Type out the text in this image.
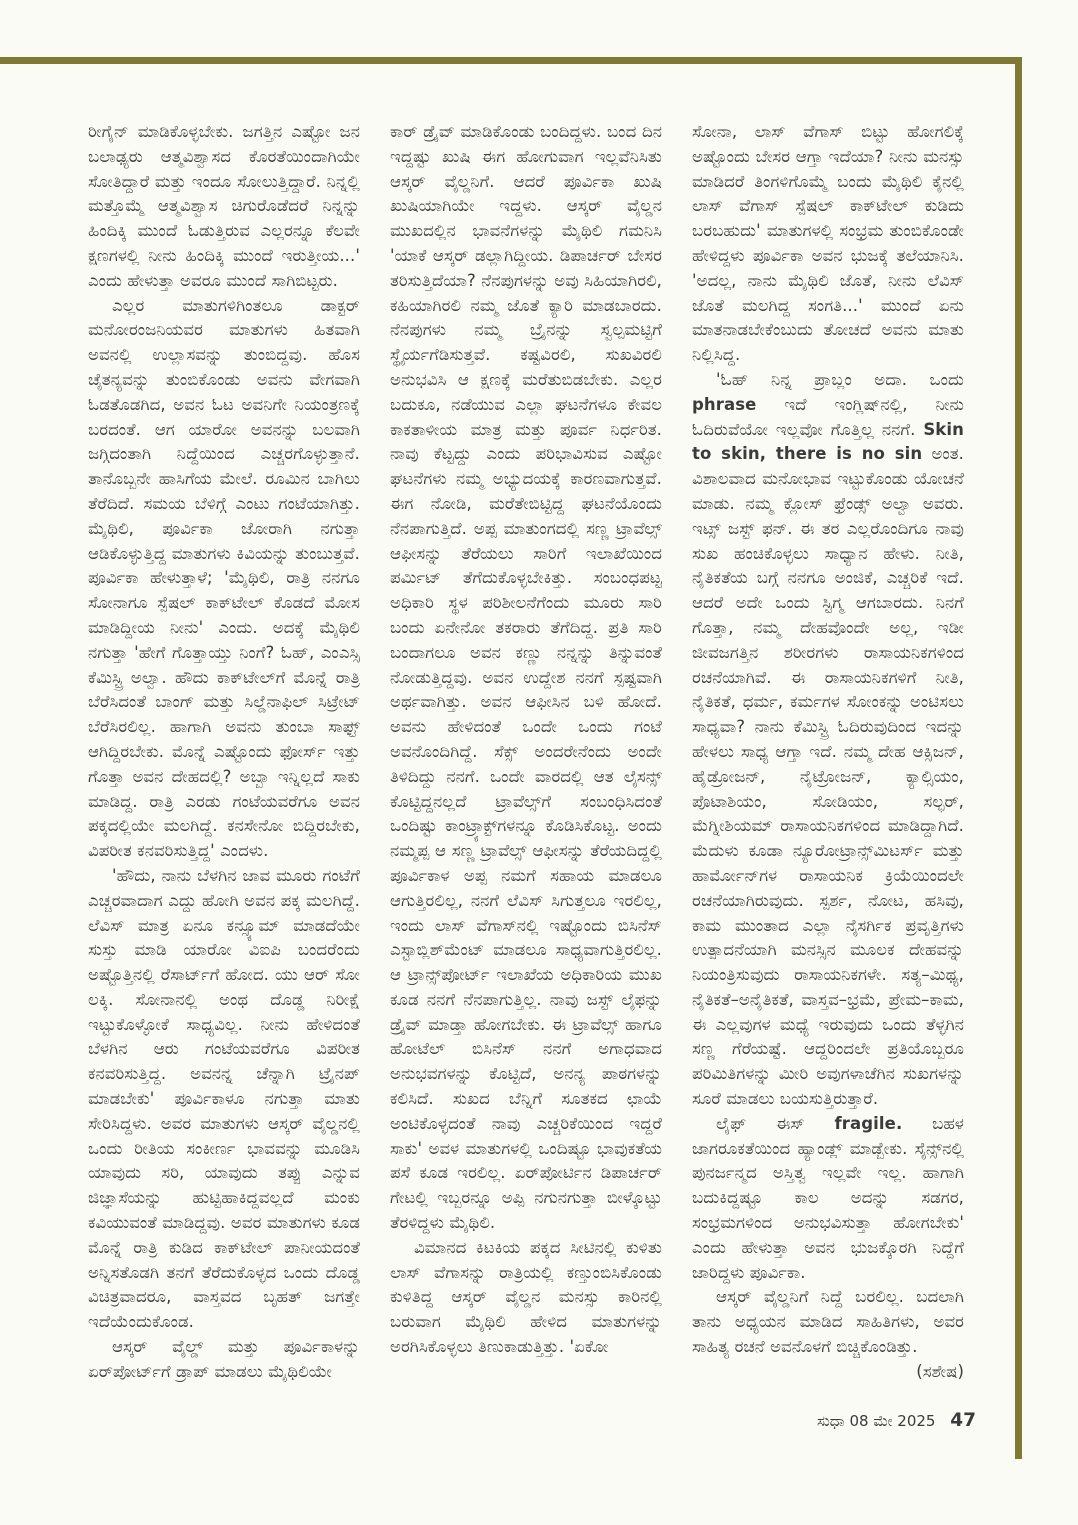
ರೀಗೈನ್ ಮಾಡಿಕೊಳ್ಳಬೇಕು. ಜಗತ್ತಿನ ಎಷ್ಟೋ ಜನ ಬಲಾಢ್ಯರು ಆತ್ಮವಿಶ್ವಾಸದ ಕೊರತೆಯಿಂದಾಗಿಯೇ ಸೋತಿದ್ದಾರೆ ಮತ್ತು ಇಂದೂ ಸೋಲುತ್ತಿದ್ದಾರೆ. ನಿನ್ನಲ್ಲಿ ಮತ್ತೊಮ್ಮೆ ಆತ್ಮವಿಶ್ವಾಸ ಚಿಗುರೊಡೆದರೆ ನಿನ್ನನ್ನು ಹಿಂದಿಕ್ಕಿ ಮುಂದೆ ಓಡುತ್ತಿರುವ ಎಲ್ಲರನ್ನೂ ಕೆಲವೇ ಕ್ಷಣಗಳಲ್ಲಿ ನೀನು ಹಿಂದಿಕ್ಕಿ ಮುಂದೆ ಇರುತ್ತೀಯ...' ಎಂದು ಹೇಳುತ್ತಾ ಅವರೂ ಮುಂದೆ ಸಾಗಿಬಿಟ್ಟರು.

ಎಲ್ಲರ ಮಾತುಗಳಿಗಿಂತಲೂ ಡಾಕ್ಟರ್ ಮನೋರಂಜನಿಯವರ ಮಾತುಗಳು ಹಿತವಾಗಿ ಅವನಲ್ಲಿ ಉಲ್ಲಾಸವನ್ನು ತುಂಬಿದ್ದವು. ಹೊಸ ಚೈತನ್ಯವನ್ನು ತುಂಬಿಕೊಂಡು ಅವನು ವೇಗವಾಗಿ ಓಡತೊಡಗಿದ, ಅವನ ಓಟ ಅವನಿಗೇ ನಿಯಂತ್ರಣಕ್ಕೆ ಬರದಂತೆ. ಆಗ ಯಾರೋ ಅವನನ್ನು ಬಲವಾಗಿ ಜಗ್ಗಿದಂತಾಗಿ ನಿದ್ದೆಯಿಂದ ಎಚ್ಚರಗೊಳ್ಳುತ್ತಾನೆ. ತಾನೊಬ್ಬನೇ ಹಾಸಿಗೆಯ ಮೇಲೆ. ರೂಮಿನ ಬಾಗಿಲು ತೆರೆದಿದೆ. ಸಮಯ ಬೆಳಿಗ್ಗೆ ಎಂಟು ಗಂಟೆಯಾಗಿತ್ತು. ಮೈಥಿಲಿ, ಪೂರ್ವಿಕಾ ಜೋರಾಗಿ ನಗುತ್ತಾ ಆಡಿಕೊಳ್ಳುತ್ತಿದ್ದ ಮಾತುಗಳು ಕಿವಿಯನ್ನು ತುಂಬುತ್ತವೆ. ಪೂರ್ವಿಕಾ ಹೇಳುತ್ತಾಳೆ; 'ಮೈಥಿಲಿ, ರಾತ್ರಿ ನನಗೂ ಸೋನಾಗೂ ಸ್ಪೆಷಲ್ ಕಾಕ್‌ಟೇಲ್ ಕೊಡದೆ ಮೋಸ ಮಾಡಿದ್ದೀಯ ನೀನು' ಎಂದು. ಅದಕ್ಕೆ ಮೈಥಿಲಿ ನಗುತ್ತಾ 'ಹೇಗೆ ಗೊತ್ತಾಯ್ತು ನಿಂಗೆ? ಓಹ್, ಎಂಎಸ್ಸಿ ಕೆಮಿಸ್ಟ್ರಿ ಅಲ್ವಾ. ಹೌದು ಕಾಕ್‌ಟೇಲ್‌ಗೆ ಮೊನ್ನೆ ರಾತ್ರಿ ಬೆರೆಸಿದಂತೆ ಬಾಂಗ್ ಮತ್ತು ಸಿಲ್ಡೆನಾಫಿಲ್ ಸಿಟ್ರೇಟ್ ಬೆರೆಸಿರಲಿಲ್ಲ. ಹಾಗಾಗಿ ಅವನು ತುಂಬಾ ಸಾಫ್ಟ್ ಆಗಿದ್ದಿರಬೇಕು. ಮೊನ್ನೆ ಎಷ್ಟೊಂದು ಫೋರ್ಸ್ ಇತ್ತು ಗೊತ್ತಾ ಅವನ ದೇಹದಲ್ಲಿ? ಅಬ್ಬಾ ಇನ್ನಿಲ್ಲದೆ ಸಾಕು ಮಾಡಿದ್ದ. ರಾತ್ರಿ ಎರಡು ಗಂಟೆಯವರೆಗೂ ಅವನ ಪಕ್ಕದಲ್ಲಿಯೇ ಮಲಗಿದ್ದೆ. ಕನಸೇನೋ ಬಿದ್ದಿರಬೇಕು, ವಿಪರೀತ ಕನವರಿಸುತ್ತಿದ್ದ' ಎಂದಳು.

'ಹೌದು, ನಾನು ಬೆಳಗಿನ ಜಾವ ಮೂರು ಗಂಟೆಗೆ ಎಚ್ಚರವಾದಾಗ ಎದ್ದು ಹೋಗಿ ಅವನ ಪಕ್ಕ ಮಲಗಿದ್ದೆ. ಲೆವಿಸ್ ಮಾತ್ರ ಏನೂ ಕನ್ಸ್ಯೂಮ್ ಮಾಡದೆಯೇ ಸುಸ್ತು ಮಾಡಿ ಯಾರೋ ವಿಐಪಿ ಬಂದರೆಂದು ಅಷ್ಟೊತ್ತಿನಲ್ಲಿ ರೆಸಾರ್ಟ್‌ಗೆ ಹೋದ. ಯು ಆರ್ ಸೋ ಲಕ್ಕಿ. ಸೋನಾನಲ್ಲಿ ಅಂಥ ದೊಡ್ಡ ನಿರೀಕ್ಷೆ ಇಟ್ಟುಕೊಳ್ಳೋಕೆ ಸಾಧ್ಯವಿಲ್ಲ. ನೀನು ಹೇಳಿದಂತೆ ಬೆಳಗಿನ ಆರು ಗಂಟೆಯವರೆಗೂ ವಿಪರೀತ ಕನವರಿಸುತ್ತಿದ್ದ. ಅವನನ್ನ ಚೆನ್ನಾಗಿ ಟ್ರೈನಪ್ ಮಾಡಬೇಕು' ಪೂರ್ವಿಕಾಳೂ ನಗುತ್ತಾ ಮಾತು ಸೇರಿಸಿದ್ದಳು. ಅವರ ಮಾತುಗಳು ಆಸ್ಕರ್ ವೈಲ್ಡನಲ್ಲಿ ಒಂದು ರೀತಿಯ ಸಂಕೀರ್ಣ ಭಾವವನ್ನು ಮೂಡಿಸಿ ಯಾವುದು ಸರಿ, ಯಾವುದು ತಪ್ಪು ಎನ್ನುವ ಜಿಜ್ಞಾಸೆಯನ್ನು ಹುಟ್ಟಿಹಾಕಿದ್ದವಲ್ಲದೆ ಮಂಕು ಕವಿಯುವಂತೆ ಮಾಡಿದ್ದವು. ಅವರ ಮಾತುಗಳು ಕೂಡ ಮೊನ್ನೆ ರಾತ್ರಿ ಕುಡಿದ ಕಾಕ್‌ಟೇಲ್ ಪಾನೀಯದಂತೆ ಅನ್ನಿಸತೊಡಗಿ ತನಗೆ ತೆರೆದುಕೊಳ್ಳದ ಒಂದು ದೊಡ್ಡ ವಿಚಿತ್ರವಾದರೂ, ವಾಸ್ತವದ ಬೃಹತ್ ಜಗತ್ತೇ ಇದೆಯೆಂದುಕೊಂಡ.

ಆಸ್ಕರ್ ವೈಲ್ಡ್ ಮತ್ತು ಪೂರ್ವಿಕಾಳನ್ನು ಏರ್‌ಪೋರ್ಟ್‌ಗೆ ಡ್ರಾಪ್ ಮಾಡಲು ಮೈಥಿಲಿಯೇ

ಕಾರ್ ಡ್ರೈವ್ ಮಾಡಿಕೊಂಡು ಬಂದಿದ್ದಳು. ಬಂದ ದಿನ ಇದ್ದಷ್ಟು ಖುಷಿ ಈಗ ಹೋಗುವಾಗ ಇಲ್ಲವೆನಿಸಿತು ಆಸ್ಕರ್ ವೈಲ್ಡನಿಗೆ. ಆದರೆ ಪೂರ್ವಿಕಾ ಖುಷಿ ಖುಷಿಯಾಗಿಯೇ ಇದ್ದಳು. ಆಸ್ಕರ್ ವೈಲ್ಡನ ಮುಖದಲ್ಲಿನ ಭಾವನೆಗಳನ್ನು ಮೈಥಿಲಿ ಗಮನಿಸಿ 'ಯಾಕೆ ಆಸ್ಕರ್ ಡಲ್ಲಾಗಿದ್ದೀಯ. ಡಿಪಾರ್ಚರ್ ಬೇಸರ ತರಿಸುತ್ತಿದೆಯಾ? ನೆನಪುಗಳನ್ನು ಅವು ಸಿಹಿಯಾಗಿರಲಿ, ಕಹಿಯಾಗಿರಲಿ ನಮ್ಮ ಜೊತೆ ಕ್ಯಾರಿ ಮಾಡಬಾರದು. ನೆನಪುಗಳು ನಮ್ಮ ಬ್ರೈನನ್ನು ಸ್ವಲ್ಪಮಟ್ಟಿಗೆ ಸ್ಥೈರ್ಯಗೆಡಿಸುತ್ತವೆ. ಕಷ್ಟವಿರಲಿ, ಸುಖವಿರಲಿ ಅನುಭವಿಸಿ ಆ ಕ್ಷಣಕ್ಕೆ ಮರೆತುಬಿಡಬೇಕು. ಎಲ್ಲರ ಬದುಕೂ, ನಡೆಯುವ ಎಲ್ಲಾ ಘಟನೆಗಳೂ ಕೇವಲ ಕಾಕತಾಳೀಯ ಮಾತ್ರ ಮತ್ತು ಪೂರ್ವ ನಿರ್ಧರಿತ. ನಾವು ಕೆಟ್ಟದ್ದು ಎಂದು ಪರಿಭಾವಿಸುವ ಎಷ್ಟೋ ಘಟನೆಗಳು ನಮ್ಮ ಅಭ್ಯುದಯಕ್ಕೆ ಕಾರಣವಾಗುತ್ತವೆ. ಈಗ ನೋಡಿ, ಮರೆತೇಬಿಟ್ಟಿದ್ದ ಘಟನೆಯೊಂದು ನೆನಪಾಗುತ್ತಿದೆ. ಅಪ್ಪ ಮಾತುಂಗದಲ್ಲಿ ಸಣ್ಣ ಟ್ರಾವೆಲ್ಸ್ ಆಫೀಸನ್ನು ತೆರೆಯಲು ಸಾರಿಗೆ ಇಲಾಖೆಯಿಂದ ಪರ್ಮಿಟ್ ತೆಗೆದುಕೊಳ್ಳಬೇಕಿತ್ತು. ಸಂಬಂಧಪಟ್ಟ ಅಧಿಕಾರಿ ಸ್ಥಳ ಪರಿಶೀಲನೆಗೆಂದು ಮೂರು ಸಾರಿ ಬಂದು ಏನೇನೋ ತಕರಾರು ತೆಗೆದಿದ್ದ. ಪ್ರತಿ ಸಾರಿ ಬಂದಾಗಲೂ ಅವನ ಕಣ್ಣು ನನ್ನನ್ನು ತಿನ್ನುವಂತೆ ನೋಡುತ್ತಿದ್ದವು. ಅವನ ಉದ್ದೇಶ ನನಗೆ ಸ್ಪಷ್ಟವಾಗಿ ಅರ್ಥವಾಗಿತ್ತು. ಅವನ ಆಫೀಸಿನ ಬಳಿ ಹೋದೆ. ಅವನು ಹೇಳಿದಂತೆ ಒಂದೇ ಒಂದು ಗಂಟೆ ಅವನೊಂದಿಗಿದ್ದೆ. ಸೆಕ್ಸ್ ಅಂದರೇನೆಂದು ಅಂದೇ ತಿಳಿದಿದ್ದು ನನಗೆ. ಒಂದೇ ವಾರದಲ್ಲಿ ಆತ ಲೈಸನ್ಸ್ ಕೊಟ್ಟಿದ್ದನಲ್ಲದೆ ಟ್ರಾವೆಲ್ಸ್‌ಗೆ ಸಂಬಂಧಿಸಿದಂತೆ ಒಂದಿಷ್ಟು ಕಾಂಟ್ರ್ಯಾಕ್ಟ್‌ಗಳನ್ನೂ ಕೊಡಿಸಿಕೊಟ್ಟ. ಅಂದು ನಮ್ಮಪ್ಪ ಆ ಸಣ್ಣ ಟ್ರಾವೆಲ್ಸ್ ಆಫೀಸನ್ನು ತೆರೆಯದಿದ್ದಲ್ಲಿ ಪೂರ್ವಿಕಾಳ ಅಪ್ಪ ನಮಗೆ ಸಹಾಯ ಮಾಡಲೂ ಆಗುತ್ತಿರಲಿಲ್ಲ, ನನಗೆ ಲೆವಿಸ್ ಸಿಗುತ್ತಲೂ ಇರಲಿಲ್ಲ, ಇಂದು ಲಾಸ್ ವೆಗಾಸ್‌ನಲ್ಲಿ ಇಷ್ಟೊಂದು ಬಿಸಿನೆಸ್ ಎಸ್ಟಾಬ್ಲಿಶ್‌ಮೆಂಟ್ ಮಾಡಲೂ ಸಾಧ್ಯವಾಗುತ್ತಿರಲಿಲ್ಲ. ಆ ಟ್ರಾನ್ಸ್‌ಪೋರ್ಟ್ ಇಲಾಖೆಯ ಅಧಿಕಾರಿಯ ಮುಖ ಕೂಡ ನನಗೆ ನೆನಪಾಗುತ್ತಿಲ್ಲ. ನಾವು ಜಸ್ಟ್ ಲೈಫನ್ನು ಡ್ರೈವ್ ಮಾಡ್ತಾ ಹೋಗಬೇಕು. ಈ ಟ್ರಾವೆಲ್ಸ್ ಹಾಗೂ ಹೋಟೆಲ್ ಬಿಸಿನೆಸ್ ನನಗೆ ಅಗಾಧವಾದ ಅನುಭವಗಳನ್ನು ಕೊಟ್ಟಿದೆ, ಅನನ್ಯ ಪಾಠಗಳನ್ನು ಕಲಿಸಿದೆ. ಸುಖದ ಬೆನ್ನಿಗೆ ಸೂತಕದ ಛಾಯೆ ಅಂಟಿಕೊಳ್ಳದಂತೆ ನಾವು ಎಚ್ಚರಿಕೆಯಿಂದ ಇದ್ದರೆ ಸಾಕು' ಅವಳ ಮಾತುಗಳಲ್ಲಿ ಒಂದಿಷ್ಟೂ ಭಾವುಕತೆಯ ಪಸೆ ಕೂಡ ಇರಲಿಲ್ಲ. ಏರ್‌ಪೋರ್ಟಿನ ಡಿಪಾರ್ಚರ್ ಗೇಟಲ್ಲಿ ಇಬ್ಬರನ್ನೂ ಅಪ್ಪಿ ನಗುನಗುತ್ತಾ ಬೀಳ್ಕೊಟ್ಟು ತೆರಳಿದ್ದಳು ಮೈಥಿಲಿ.

ವಿಮಾನದ ಕಿಟಕಿಯ ಪಕ್ಕದ ಸೀಟಿನಲ್ಲಿ ಕುಳಿತು ಲಾಸ್ ವೆಗಾಸನ್ನು ರಾತ್ರಿಯಲ್ಲಿ ಕಣ್ತುಂಬಿಸಿಕೊಂಡು ಕುಳಿತಿದ್ದ ಆಸ್ಕರ್ ವೈಲ್ಡನ ಮನಸ್ಸು ಕಾರಿನಲ್ಲಿ ಬರುವಾಗ ಮೈಥಿಲಿ ಹೇಳಿದ ಮಾತುಗಳನ್ನು ಅರಗಿಸಿಕೊಳ್ಳಲು ತಿಣುಕಾಡುತ್ತಿತ್ತು. 'ಏಕೋ

ಸೋನಾ, ಲಾಸ್ ವೆಗಾಸ್ ಬಿಟ್ಟು ಹೋಗಲಿಕ್ಕೆ ಅಷ್ಟೊಂದು ಬೇಸರ ಆಗ್ತಾ ಇದೆಯಾ? ನೀನು ಮನಸ್ಸು ಮಾಡಿದರೆ ತಿಂಗಳಿಗೊಮ್ಮೆ ಬಂದು ಮೈಥಿಲಿ ಕೈನಲ್ಲಿ ಲಾಸ್ ವೆಗಾಸ್ ಸ್ಪೆಷಲ್ ಕಾಕ್‌ಟೇಲ್ ಕುಡಿದು ಬರಬಹುದು' ಮಾತುಗಳಲ್ಲಿ ಸಂಭ್ರಮ ತುಂಬಿಕೊಂಡೇ ಹೇಳಿದ್ದಳು ಪೂರ್ವಿಕಾ ಅವನ ಭುಜಕ್ಕೆ ತಲೆಯಾನಿಸಿ. 'ಅದಲ್ಲ, ನಾನು ಮೈಥಿಲಿ ಜೊತೆ, ನೀನು ಲೆವಿಸ್ ಜೊತೆ ಮಲಗಿದ್ದ ಸಂಗತಿ...' ಮುಂದೆ ಏನು ಮಾತನಾಡಬೇಕೆಂಬುದು ತೋಚದೆ ಅವನು ಮಾತು ನಿಲ್ಲಿಸಿದ್ದ.

'ಓಹ್ ನಿನ್ನ ಪ್ರಾಬ್ಲಂ ಅದಾ. ಒಂದು phrase ಇದೆ ಇಂಗ್ಲಿಷ್‌ನಲ್ಲಿ, ನೀನು ಓದಿರುವೆಯೋ ಇಲ್ಲವೋ ಗೊತ್ತಿಲ್ಲ ನನಗೆ. Skin to skin, there is no sin ಅಂತ. ವಿಶಾಲವಾದ ಮನೋಭಾವ ಇಟ್ಟುಕೊಂಡು ಯೋಚನೆ ಮಾಡು. ನಮ್ಮ ಕ್ಲೋಸ್ ಫ್ರೆಂಡ್ಸ್ ಅಲ್ವಾ ಅವರು. ಇಟ್ಸ್ ಜಸ್ಟ್ ಫನ್. ಈ ತರ ಎಲ್ಲರೊಂದಿಗೂ ನಾವು ಸುಖ ಹಂಚಿಕೊಳ್ಳಲು ಸಾಧ್ಯಾನ ಹೇಳು. ನೀತಿ, ನೈತಿಕತೆಯ ಬಗ್ಗೆ ನನಗೂ ಅಂಜಿಕೆ, ಎಚ್ಚರಿಕೆ ಇದೆ. ಆದರೆ ಅದೇ ಒಂದು ಸ್ಟಿಗ್ಮ ಆಗಬಾರದು. ನಿನಗೆ ಗೊತ್ತಾ, ನಮ್ಮ ದೇಹವೊಂದೇ ಅಲ್ಲ, ಇಡೀ ಜೀವಜಗತ್ತಿನ ಶರೀರಗಳು ರಾಸಾಯನಿಕಗಳಿಂದ ರಚನೆಯಾಗಿವೆ. ಈ ರಾಸಾಯನಿಕಗಳಿಗೆ ನೀತಿ, ನೈತಿಕತೆ, ಧರ್ಮ, ಕರ್ಮಗಳ ಸೋಂಕನ್ನು ಅಂಟಿಸಲು ಸಾಧ್ಯವಾ? ನಾನು ಕೆಮಿಸ್ಟ್ರಿ ಓದಿರುವುದಿಂದ ಇದನ್ನು ಹೇಳಲು ಸಾಧ್ಯ ಆಗ್ತಾ ಇದೆ. ನಮ್ಮ ದೇಹ ಆಕ್ಸಿಜನ್, ಹೈಡ್ರೋಜನ್, ನೈಟ್ರೋಜನ್, ಕ್ಯಾಲ್ಸಿಯಂ, ಪೊಟಾಶಿಯಂ, ಸೋಡಿಯಂ, ಸಲ್ಫರ್, ಮೆಗ್ನೀಶಿಯಮ್ ರಾಸಾಯನಿಕಗಳಿಂದ ಮಾಡಿದ್ದಾಗಿದೆ. ಮೆದುಳು ಕೂಡಾ ನ್ಯೂರೋಟ್ರಾನ್ಸ್‌ಮಿಟರ್ಸ್ ಮತ್ತು ಹಾರ್ಮೋನ್‌ಗಳ ರಾಸಾಯನಿಕ ಕ್ರಿಯೆಯಿಂದಲೇ ರಚನೆಯಾಗಿರುವುದು. ಸ್ಪರ್ಶ, ನೋಟ, ಹಸಿವು, ಕಾಮ ಮುಂತಾದ ಎಲ್ಲಾ ನೈಸರ್ಗಿಕ ಪ್ರವೃತ್ತಿಗಳು ಉತ್ಪಾದನೆಯಾಗಿ ಮನಸ್ಸಿನ ಮೂಲಕ ದೇಹವನ್ನು ನಿಯಂತ್ರಿಸುವುದು ರಾಸಾಯನಿಕಗಳೇ. ಸತ್ಯ–ಮಿಥ್ಯ, ನೈತಿಕತೆ–ಅನೈತಿಕತೆ, ವಾಸ್ತವ–ಭ್ರಮೆ, ಪ್ರೇಮ–ಕಾಮ, ಈ ಎಲ್ಲವುಗಳ ಮಧ್ಯೆ ಇರುವುದು ಒಂದು ತೆಳ್ಳಗಿನ ಸಣ್ಣ ಗೆರೆಯಷ್ಟೆ. ಆದ್ದರಿಂದಲೇ ಪ್ರತಿಯೊಬ್ಬರೂ ಪರಿಮಿತಿಗಳನ್ನು ಮೀರಿ ಅವುಗಳಾಚೆಗಿನ ಸುಖಗಳನ್ನು ಸೂರೆ ಮಾಡಲು ಬಯಸುತ್ತಿರುತ್ತಾರೆ.

ಲೈಫ್ ಈಸ್ fragile. ಬಹಳ ಜಾಗರೂಕತೆಯಿಂದ ಹ್ಯಾಂಡ್ಲ್ ಮಾಡ್ಬೇಕು. ಸೈನ್ಸ್‌ನಲ್ಲಿ ಪುನರ್ಜನ್ಮದ ಅಸ್ತಿತ್ವ ಇಲ್ಲವೇ ಇಲ್ಲ. ಹಾಗಾಗಿ ಬದುಕಿದ್ದಷ್ಟೂ ಕಾಲ ಅದನ್ನು ಸಡಗರ, ಸಂಭ್ರಮಗಳಿಂದ ಅನುಭವಿಸುತ್ತಾ ಹೋಗಬೇಕು' ಎಂದು ಹೇಳುತ್ತಾ ಅವನ ಭುಜಕ್ಕೊರಗಿ ನಿದ್ದೆಗೆ ಜಾರಿದ್ದಳು ಪೂರ್ವಿಕಾ.

ಆಸ್ಕರ್ ವೈಲ್ಡನಿಗೆ ನಿದ್ದೆ ಬರಲಿಲ್ಲ. ಬದಲಾಗಿ ತಾನು ಅಧ್ಯಯನ ಮಾಡಿದ ಸಾಹಿತಿಗಳು, ಅವರ ಸಾಹಿತ್ಯ ರಚನೆ ಅವನೊಳಗೆ ಬಿಚ್ಚಿಕೊಂಡಿತ್ತು.

(ಸಶೇಷ)

ಸುಧಾ 08 ಮೇ 2025 47
